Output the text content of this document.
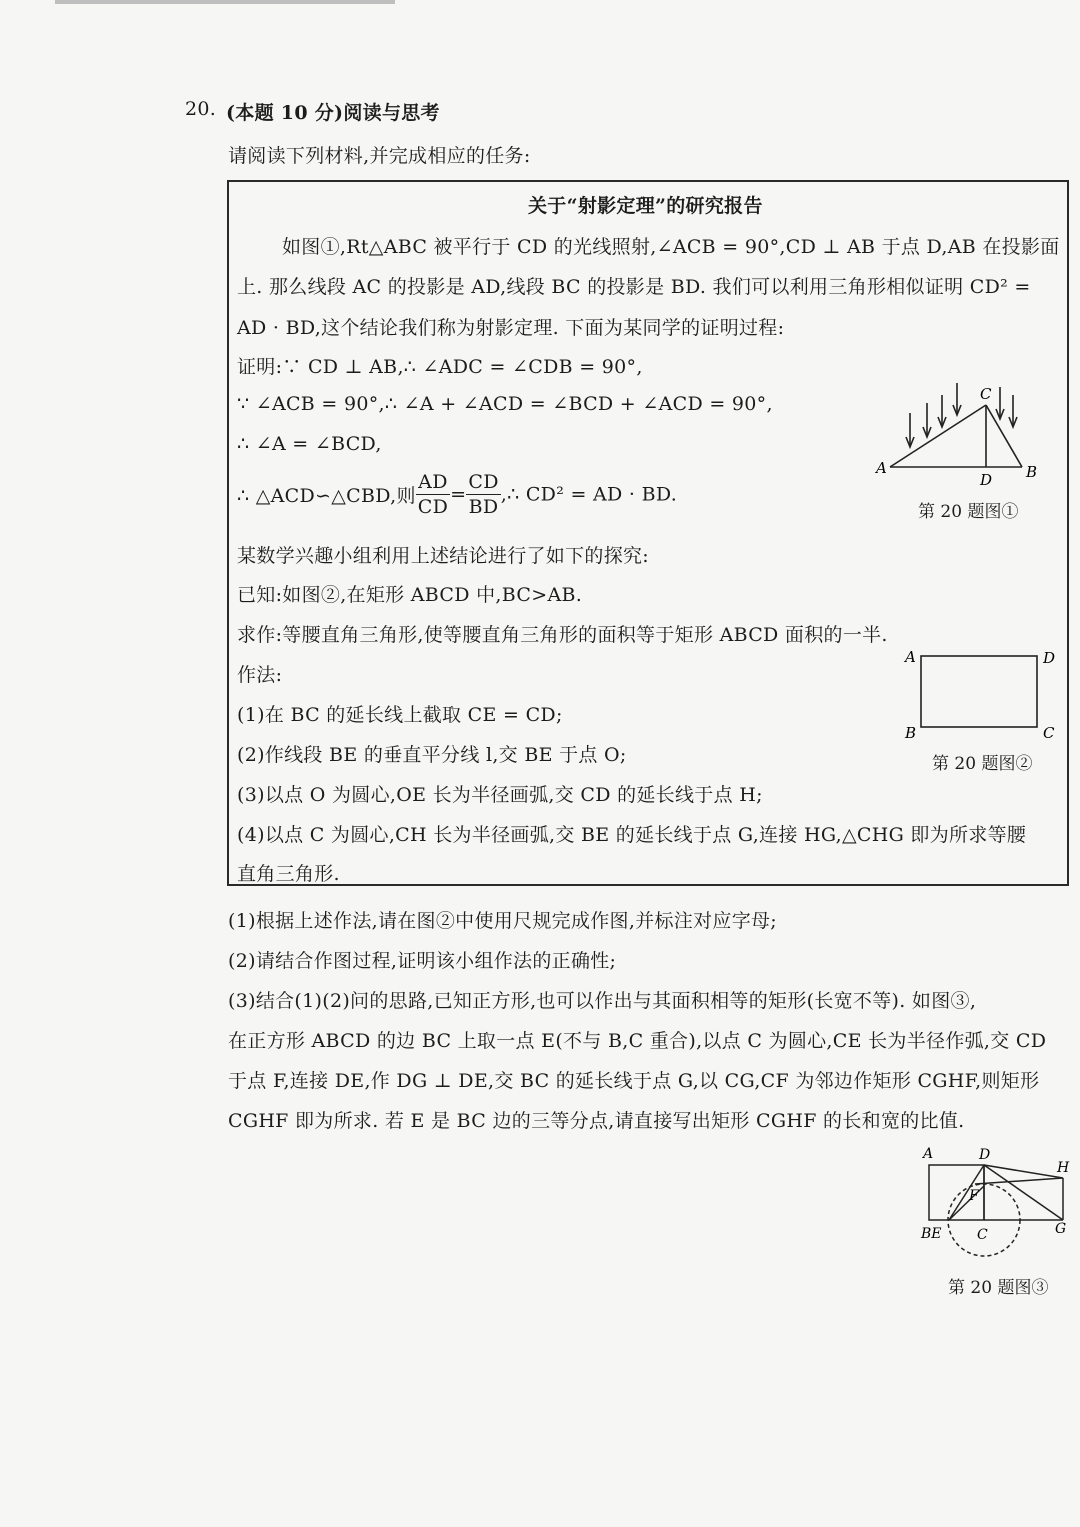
20. (本题 10 分)阅读与思考
请阅读下列材料,并完成相应的任务:
关于“射影定理”的研究报告
如图①,Rt△ABC 被平行于 CD 的光线照射,∠ACB = 90°,CD ⊥ AB 于点 D,AB 在投影面
上. 那么线段 AC 的投影是 AD,线段 BC 的投影是 BD. 我们可以利用三角形相似证明 CD² =
AD · BD,这个结论我们称为射影定理. 下面为某同学的证明过程:
证明:∵ CD ⊥ AB,∴ ∠ADC = ∠CDB = 90°,
∵ ∠ACB = 90°,∴ ∠A + ∠ACD = ∠BCD + ∠ACD = 90°,
∴ ∠A = ∠BCD,
∴ △ACD∽△CBD,则 $\frac{AD}{CD} = \frac{CD}{BD}$ ,∴ CD² = AD · BD.
某数学兴趣小组利用上述结论进行了如下的探究:
已知:如图②,在矩形 ABCD 中,BC>AB.
求作:等腰直角三角形,使等腰直角三角形的面积等于矩形 ABCD 面积的一半.
作法:
(1)在 BC 的延长线上截取 CE = CD;
(2)作线段 BE 的垂直平分线 l,交 BE 于点 O;
(3)以点 O 为圆心,OE 长为半径画弧,交 CD 的延长线于点 H;
(4)以点 C 为圆心,CH 长为半径画弧,交 BE 的延长线于点 G,连接 HG,△CHG 即为所求等腰
直角三角形.
A	B
C
D
第 20 题图①
A	D
B	C
第 20 题图②
(1)根据上述作法,请在图②中使用尺规完成作图,并标注对应字母;
(2)请结合作图过程,证明该小组作法的正确性;
(3)结合(1)(2)问的思路,已知正方形,也可以作出与其面积相等的矩形(长宽不等). 如图③,
在正方形 ABCD 的边 BC 上取一点 E(不与 B,C 重合),以点 C 为圆心,CE 长为半径作弧,交 CD
于点 F,连接 DE,作 DG ⊥ DE,交 BC 的延长线于点 G,以 CG,CF 为邻边作矩形 CGHF,则矩形
CGHF 即为所求. 若 E 是 BC 边的三等分点,请直接写出矩形 CGHF 的长和宽的比值.
A	D
H
F
BE	C	G
第 20 题图③
